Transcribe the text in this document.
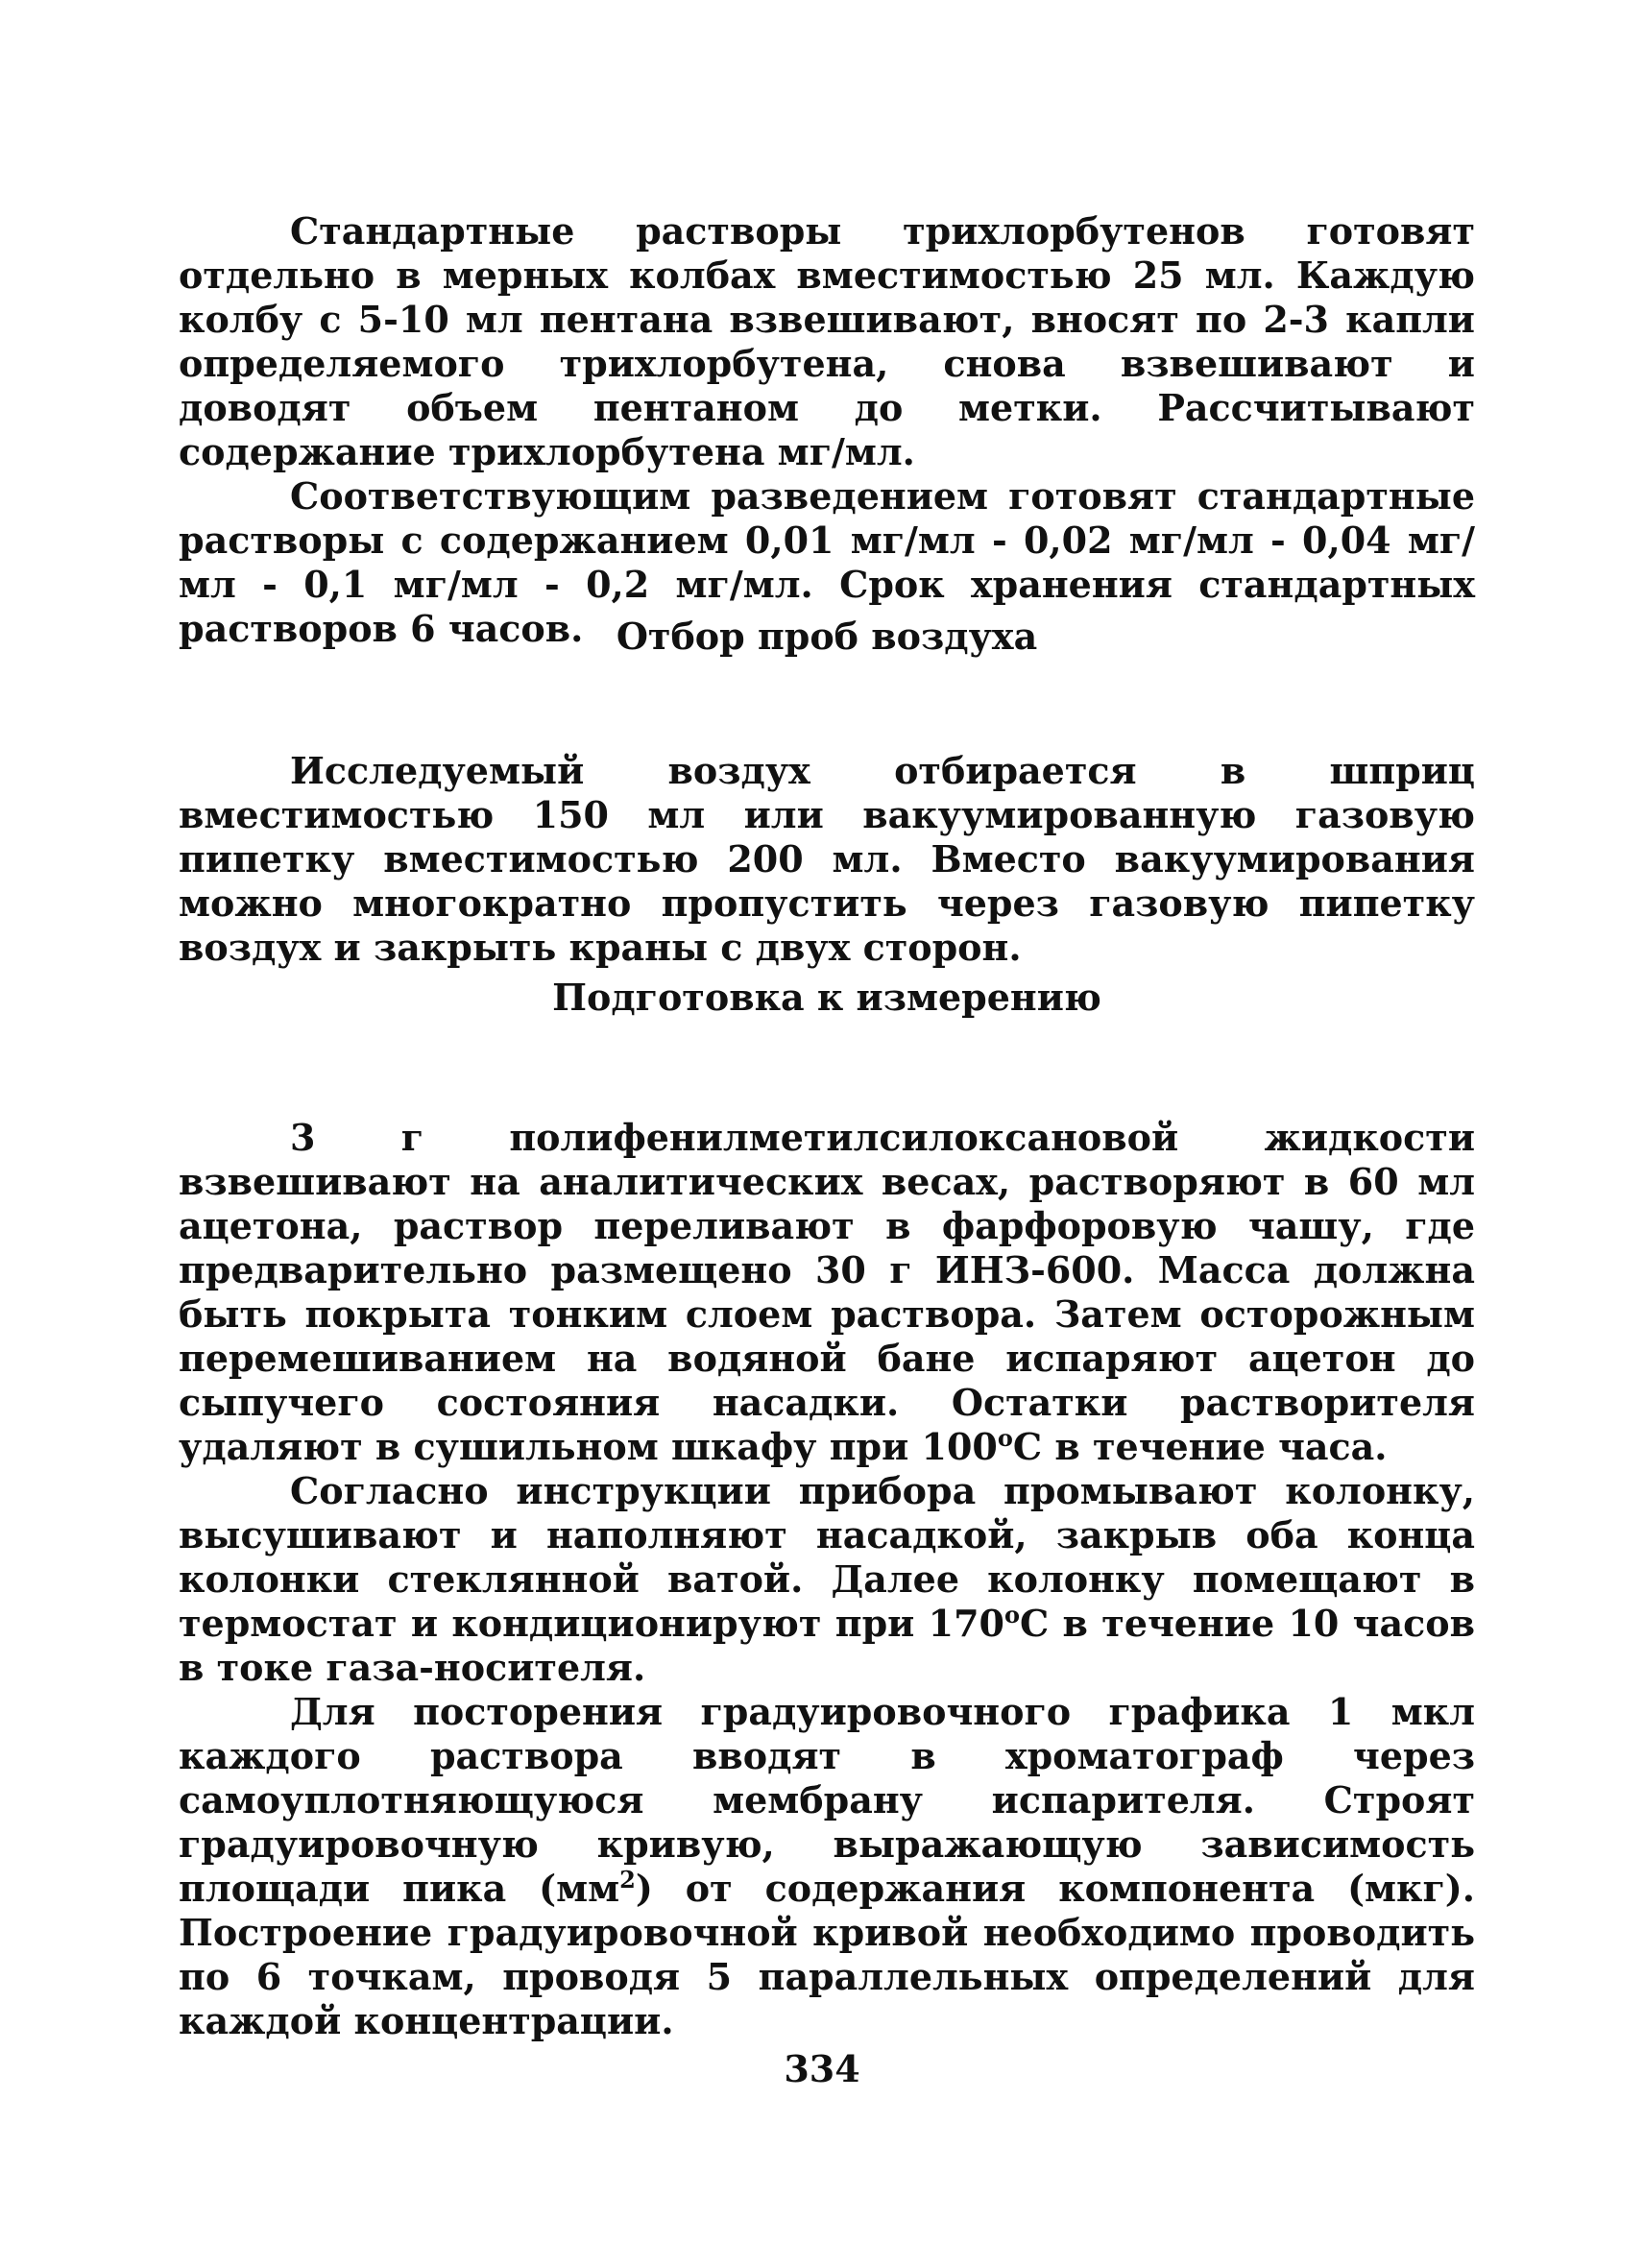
Стандартные растворы трихлорбутенов готовят отдельно в мерных колбах вместимостью 25 мл. Каждую колбу с 5-10 мл пентана взвешивают, вносят по 2-3 капли определяемого трихлорбутена, снова взвешивают и доводят объем пентаном до метки. Рассчитывают содержание трихлорбутена мг/мл.

Соответствующим разведением готовят стандартные растворы с содержанием 0,01 мг/мл - 0,02 мг/мл - 0,04 мг/мл - 0,1 мг/мл - 0,2 мг/мл. Срок хранения стандартных растворов 6 часов. Отбор проб воздуха

Исследуемый воздух отбирается в шприц вместимостью 150 мл или вакуумированную газовую пипетку вместимостью 200 мл. Вместо вакуумирования можно многократно пропустить через газовую пипетку воздух и закрыть краны с двух сторон.

Подготовка к измерению

3 г полифенилметилсилоксановой жидкости взвешивают на аналитических весах, растворяют в 60 мл ацетона, раствор переливают в фарфоровую чашу, где предварительно размещено 30 г ИНЗ-600. Масса должна быть покрыта тонким слоем раствора. Затем осторожным перемешиванием на водяной бане испаряют ацетон до сыпучего состояния насадки. Остатки растворителя удаляют в сушильном шкафу при $100^оС$ в течение часа.

Согласно инструкции прибора промывают колонку, высушивают и наполняют насадкой, закрыв оба конца колонки стеклянной ватой. Далее колонку помещают в термостат и кондиционируют при $170^оС$ в течение 10 часов в токе газа-носителя.

Для посторения градуировочного графика 1 мкл каждого раствора вводят в хроматограф через самоуплотняющуюся мембрану испарителя. Строят градуировочную кривую, выражающую зависимость площади пика $(мм^2)$ от содержания компонента (мкг). Построение градуировочной кривой необходимо проводить по 6 точкам, проводя 5 параллельных определений для каждой концентрации.

334
